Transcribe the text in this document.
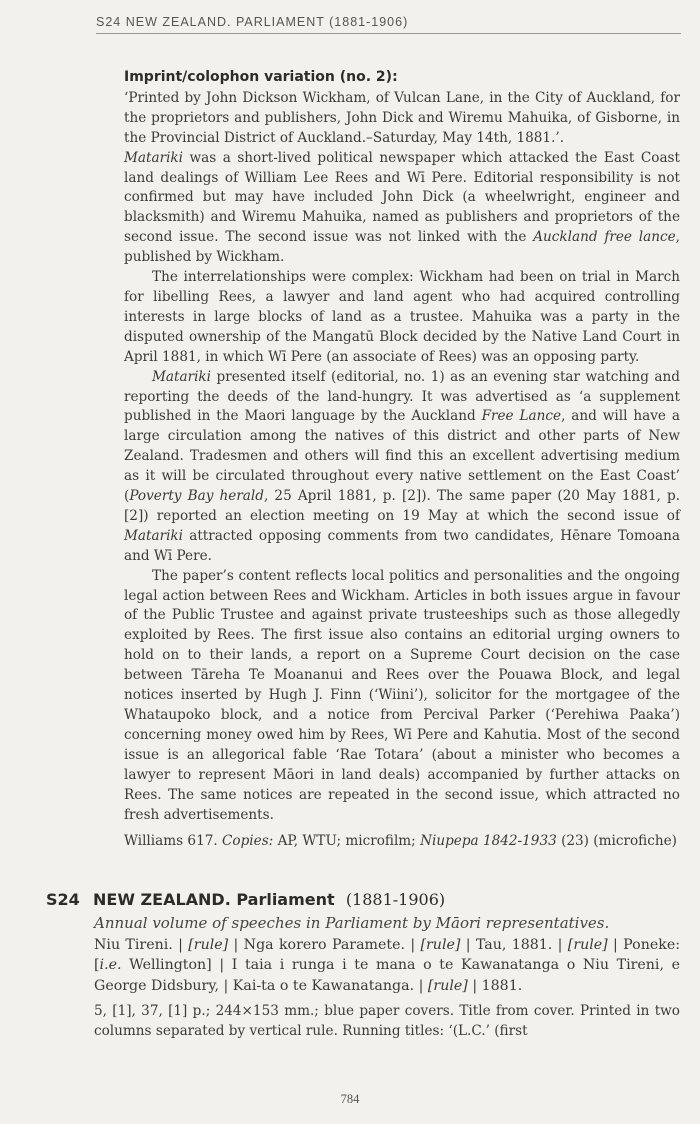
S24 NEW ZEALAND. PARLIAMENT (1881-1906)

Imprint/colophon variation (no. 2):

‘Printed by John Dickson Wickham, of Vulcan Lane, in the City of Auckland, for the proprietors and publishers, John Dick and Wiremu Mahuika, of Gisborne, in the Provincial District of Auckland.–Saturday, May 14th, 1881.’.

Matariki was a short-lived political newspaper which attacked the East Coast land dealings of William Lee Rees and Wī Pere. Editorial responsibility is not confirmed but may have included John Dick (a wheelwright, engineer and blacksmith) and Wiremu Mahuika, named as publishers and proprietors of the second issue. The second issue was not linked with the Auckland free lance, published by Wickham.

The interrelationships were complex: Wickham had been on trial in March for libelling Rees, a lawyer and land agent who had acquired controlling interests in large blocks of land as a trustee. Mahuika was a party in the disputed ownership of the Mangatū Block decided by the Native Land Court in April 1881, in which Wī Pere (an associate of Rees) was an opposing party.

Matariki presented itself (editorial, no. 1) as an evening star watching and reporting the deeds of the land-hungry. It was advertised as ‘a supplement published in the Maori language by the Auckland Free Lance, and will have a large circulation among the natives of this district and other parts of New Zealand. Tradesmen and others will find this an excellent advertising medium as it will be circulated throughout every native settlement on the East Coast’ (Poverty Bay herald, 25 April 1881, p. [2]). The same paper (20 May 1881, p. [2]) reported an election meeting on 19 May at which the second issue of Matariki attracted opposing comments from two candidates, Hēnare Tomoana and Wī Pere.

The paper’s content reflects local politics and personalities and the ongoing legal action between Rees and Wickham. Articles in both issues argue in favour of the Public Trustee and against private trusteeships such as those allegedly exploited by Rees. The first issue also contains an editorial urging owners to hold on to their lands, a report on a Supreme Court decision on the case between Tāreha Te Moananui and Rees over the Pouawa Block, and legal notices inserted by Hugh J. Finn (‘Wiini’), solicitor for the mortgagee of the Whataupoko block, and a notice from Percival Parker (‘Perehiwa Paaka’) concerning money owed him by Rees, Wī Pere and Kahutia. Most of the second issue is an allegorical fable ‘Rae Totara’ (about a minister who becomes a lawyer to represent Māori in land deals) accompanied by further attacks on Rees. The same notices are repeated in the second issue, which attracted no fresh advertisements.

Williams 617. Copies: AP, WTU; microfilm; Niupepa 1842-1933 (23) (microfiche)

S24 NEW ZEALAND. Parliament (1881-1906)

Annual volume of speeches in Parliament by Māori representatives.

Niu Tireni. | [rule] | Nga korero Paramete. | [rule] | Tau, 1881. | [rule] | Poneke: [i.e. Wellington] | I taia i runga i te mana o te Kawanatanga o Niu Tireni, e George Didsbury, | Kai-ta o te Kawanatanga. | [rule] | 1881.

5, [1], 37, [1] p.; 244×153 mm.; blue paper covers. Title from cover. Printed in two columns separated by vertical rule. Running titles: ‘(L.C.’ (first

784
